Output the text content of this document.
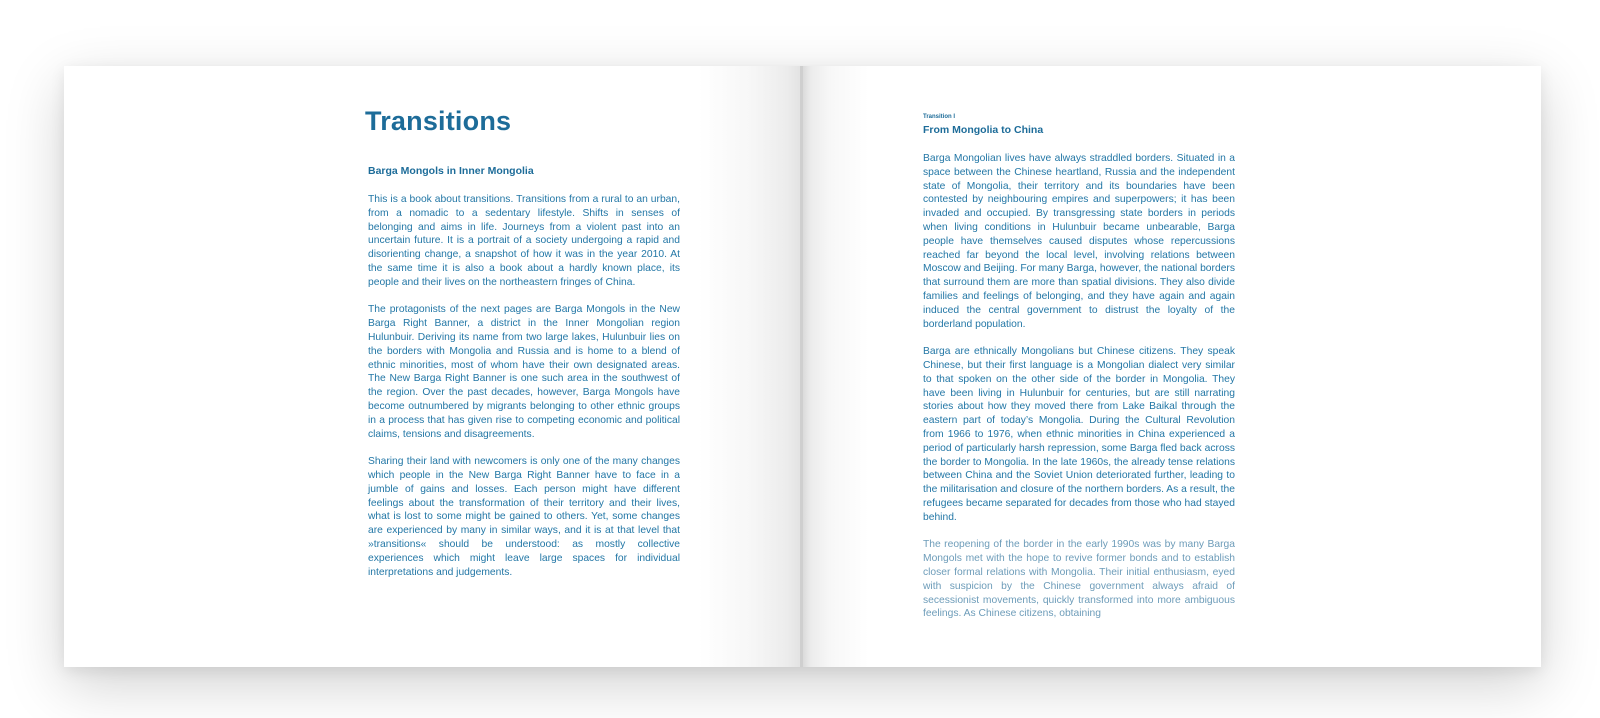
Transitions
Barga Mongols in Inner Mongolia

This is a book about transitions. Transitions from a rural to an urban, from a nomadic to a sedentary lifestyle. Shifts in senses of belonging and aims in life. Journeys from a violent past into an uncertain future. It is a portrait of a society undergoing a rapid and disorienting change, a snapshot of how it was in the year 2010. At the same time it is also a book about a hardly known place, its people and their lives on the northeastern fringes of China.

The protagonists of the next pages are Barga Mongols in the New Barga Right Banner, a district in the Inner Mongolian region Hulunbuir. Deriving its name from two large lakes, Hulunbuir lies on the borders with Mongolia and Russia and is home to a blend of ethnic minorities, most of whom have their own designated areas. The New Barga Right Banner is one such area in the southwest of the region. Over the past decades, however, Barga Mongols have become outnumbered by migrants belonging to other ethnic groups in a process that has given rise to competing economic and political claims, tensions and disagreements.

Sharing their land with newcomers is only one of the many changes which people in the New Barga Right Banner have to face in a jumble of gains and losses. Each person might have different feelings about the transformation of their territory and their lives, what is lost to some might be gained to others. Yet, some changes are experienced by many in similar ways, and it is at that level that »transitions« should be understood: as mostly collective experiences which might leave large spaces for individual interpretations and judgements.

Transition I
From Mongolia to China

Barga Mongolian lives have always straddled borders. Situated in a space between the Chinese heartland, Russia and the independent state of Mongolia, their territory and its boundaries have been contested by neighbouring empires and superpowers; it has been invaded and occupied. By transgressing state borders in periods when living conditions in Hulunbuir became unbearable, Barga people have themselves caused disputes whose repercussions reached far beyond the local level, involving relations between Moscow and Beijing. For many Barga, however, the national borders that surround them are more than spatial divisions. They also divide families and feelings of belonging, and they have again and again induced the central government to distrust the loyalty of the borderland population.

Barga are ethnically Mongolians but Chinese citizens. They speak Chinese, but their first language is a Mongolian dialect very similar to that spoken on the other side of the border in Mongolia. They have been living in Hulunbuir for centuries, but are still narrating stories about how they moved there from Lake Baikal through the eastern part of today’s Mongolia. During the Cultural Revolution from 1966 to 1976, when ethnic minorities in China experienced a period of particularly harsh repression, some Barga fled back across the border to Mongolia. In the late 1960s, the already tense relations between China and the Soviet Union deteriorated further, leading to the militarisation and closure of the northern borders. As a result, the refugees became separated for decades from those who had stayed behind.

The reopening of the border in the early 1990s was by many Barga Mongols met with the hope to revive former bonds and to establish closer formal relations with Mongolia. Their initial enthusiasm, eyed with suspicion by the Chinese government always afraid of secessionist movements, quickly transformed into more ambiguous feelings. As Chinese citizens, obtaining
